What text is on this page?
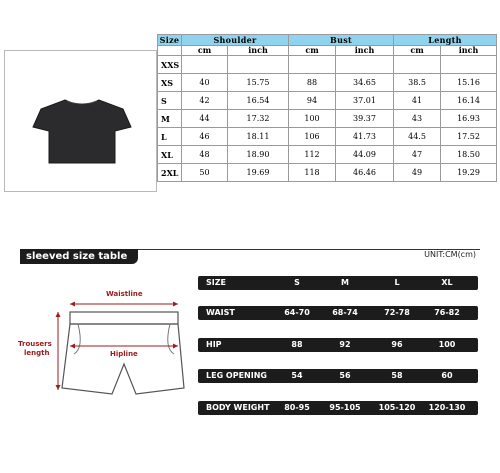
Size	Shoulder		Bust		Length	
	cm	inch	cm	inch	cm	inch
XXS						
XS	40	15.75	88	34.65	38.5	15.16
S	42	16.54	94	37.01	41	16.14
M	44	17.32	100	39.37	43	16.93
L	46	18.11	106	41.73	44.5	17.52
XL	48	18.90	112	44.09	47	18.50
2XL	50	19.69	118	46.46	49	19.29
sleeved size table	UNIT:CM(cm)
Waistline
Hipline
Trousers
length
SIZE	S	M	L	XL
WAIST	64-70	68-74	72-78	76-82
HIP	88	92	96	100
LEG OPENING	54	56	58	60
BODY WEIGHT	80-95	95-105	105-120	120-130
